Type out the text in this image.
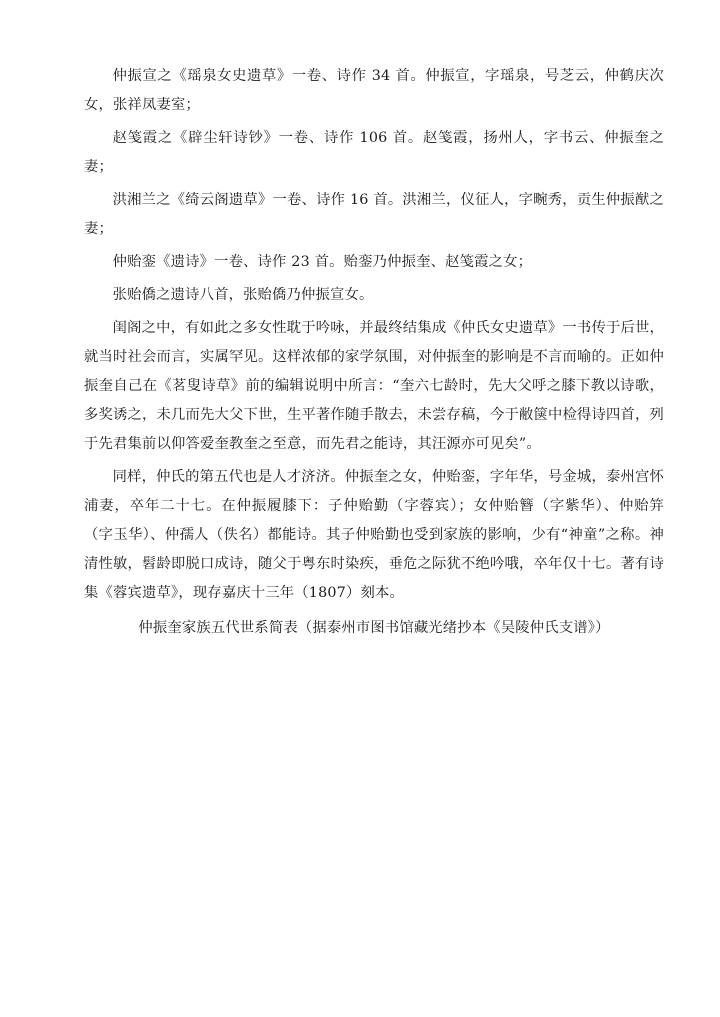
仲振宣之《瑶泉女史遗草》一卷、诗作 34 首。仲振宣，字瑶泉，号芝云，仲鹤庆次女，张祥凤妻室；

赵笺霞之《辟尘轩诗钞》一卷、诗作 106 首。赵笺霞，扬州人，字书云、仲振奎之妻；

洪湘兰之《绮云阁遗草》一卷、诗作 16 首。洪湘兰，仪征人，字畹秀，贡生仲振猷之妻；

仲贻銮《遗诗》一卷、诗作 23 首。贻銮乃仲振奎、赵笺霞之女；

张贻僑之遗诗八首，张贻僑乃仲振宣女。

闺阁之中，有如此之多女性耽于吟咏，并最终结集成《仲氏女史遗草》一书传于后世，就当时社会而言，实属罕见。这样浓郁的家学氛围，对仲振奎的影响是不言而喻的。正如仲振奎自己在《茗叟诗草》前的编辑说明中所言：“奎六七龄时，先大父呼之膝下教以诗歌，多奖诱之，未几而先大父下世，生平著作随手散去，未尝存稿，今于敝箧中检得诗四首，列于先君集前以仰答爱奎教奎之至意，而先君之能诗，其汪源亦可见矣”。

同样，仲氏的第五代也是人才济济。仲振奎之女，仲贻銮，字年华，号金城，泰州宫怀浦妻，卒年二十七。在仲振履膝下：子仲贻勤（字蓉宾）；女仲贻簪（字紫华）、仲贻笄（字玉华）、仲孺人（佚名）都能诗。其子仲贻勤也受到家族的影响，少有“神童”之称。神清性敏，髫龄即脱口成诗，随父于粤东时染疾，垂危之际犹不绝吟哦，卒年仅十七。著有诗集《蓉宾遗草》，现存嘉庆十三年（1807）刻本。

仲振奎家族五代世系简表（据泰州市图书馆藏光绪抄本《吴陵仲氏支谱》）
